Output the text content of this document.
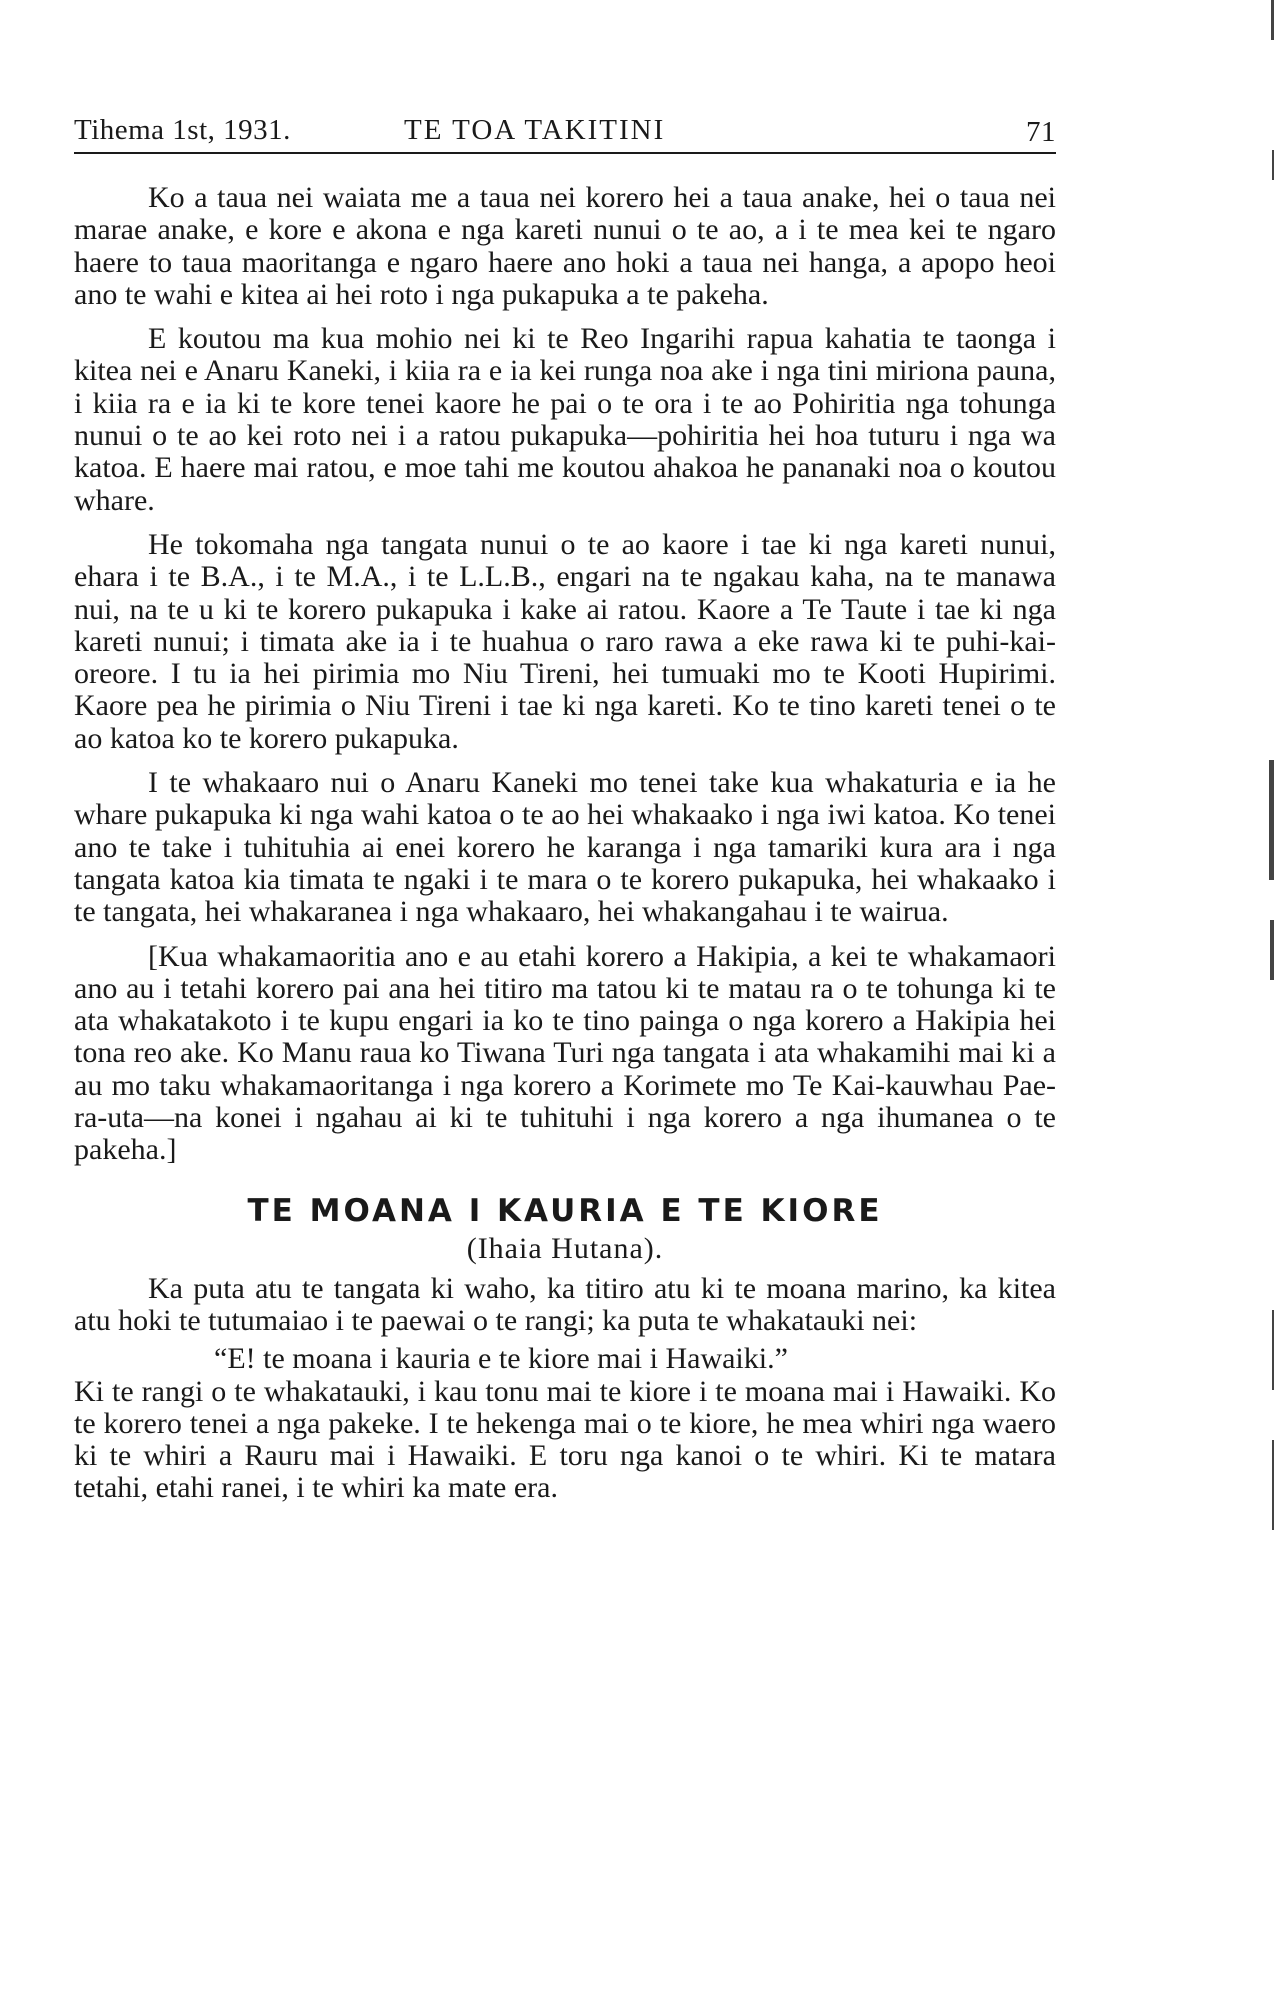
Tihema 1st, 1931.	TE TOA TAKITINI	71

Ko a taua nei waiata me a taua nei korero hei a taua anake, hei o taua nei marae anake, e kore e akona e nga kareti nunui o te ao, a i te mea kei te ngaro haere to taua maoritanga e ngaro haere ano hoki a taua nei hanga, a apopo heoi ano te wahi e kitea ai hei roto i nga pukapuka a te pakeha.

E koutou ma kua mohio nei ki te Reo Ingarihi rapua kahatia te taonga i kitea nei e Anaru Kaneki, i kiia ra e ia kei runga noa ake i nga tini miriona pauna, i kiia ra e ia ki te kore tenei kaore he pai o te ora i te ao Pohiritia nga tohunga nunui o te ao kei roto nei i a ratou pukapuka—pohiritia hei hoa tuturu i nga wa katoa. E haere mai ratou, e moe tahi me koutou ahakoa he pananaki noa o koutou whare.

He tokomaha nga tangata nunui o te ao kaore i tae ki nga kareti nunui, ehara i te B.A., i te M.A., i te L.L.B., engari na te ngakau kaha, na te manawa nui, na te u ki te korero pukapuka i kake ai ratou. Kaore a Te Taute i tae ki nga kareti nunui; i timata ake ia i te huahua o raro rawa a eke rawa ki te puhi-kai-oreore. I tu ia hei pirimia mo Niu Tireni, hei tumuaki mo te Kooti Hupirimi. Kaore pea he pirimia o Niu Tireni i tae ki nga kareti. Ko te tino kareti tenei o te ao katoa ko te korero pukapuka.

I te whakaaro nui o Anaru Kaneki mo tenei take kua whakaturia e ia he whare pukapuka ki nga wahi katoa o te ao hei whakaako i nga iwi katoa. Ko tenei ano te take i tuhituhia ai enei korero he karanga i nga tamariki kura ara i nga tangata katoa kia timata te ngaki i te mara o te korero pukapuka, hei whakaako i te tangata, hei whakaranea i nga whakaaro, hei whakangahau i te wairua.

[Kua whakamaoritia ano e au etahi korero a Hakipia, a kei te whakamaori ano au i tetahi korero pai ana hei titiro ma tatou ki te matau ra o te tohunga ki te ata whakatakoto i te kupu engari ia ko te tino painga o nga korero a Hakipia hei tona reo ake. Ko Manu raua ko Tiwana Turi nga tangata i ata whakamihi mai ki a au mo taku whakamaoritanga i nga korero a Korimete mo Te Kai-kauwhau Pae-ra-uta—na konei i ngahau ai ki te tuhituhi i nga korero a nga ihumanea o te pakeha.]

TE MOANA I KAURIA E TE KIORE
(Ihaia Hutana).

Ka puta atu te tangata ki waho, ka titiro atu ki te moana marino, ka kitea atu hoki te tutumaiao i te paewai o te rangi; ka puta te whakatauki nei:

“E! te moana i kauria e te kiore mai i Hawaiki.”

Ki te rangi o te whakatauki, i kau tonu mai te kiore i te moana mai i Hawaiki. Ko te korero tenei a nga pakeke. I te hekenga mai o te kiore, he mea whiri nga waero ki te whiri a Rauru mai i Hawaiki. E toru nga kanoi o te whiri. Ki te matara tetahi, etahi ranei, i te whiri ka mate era.
